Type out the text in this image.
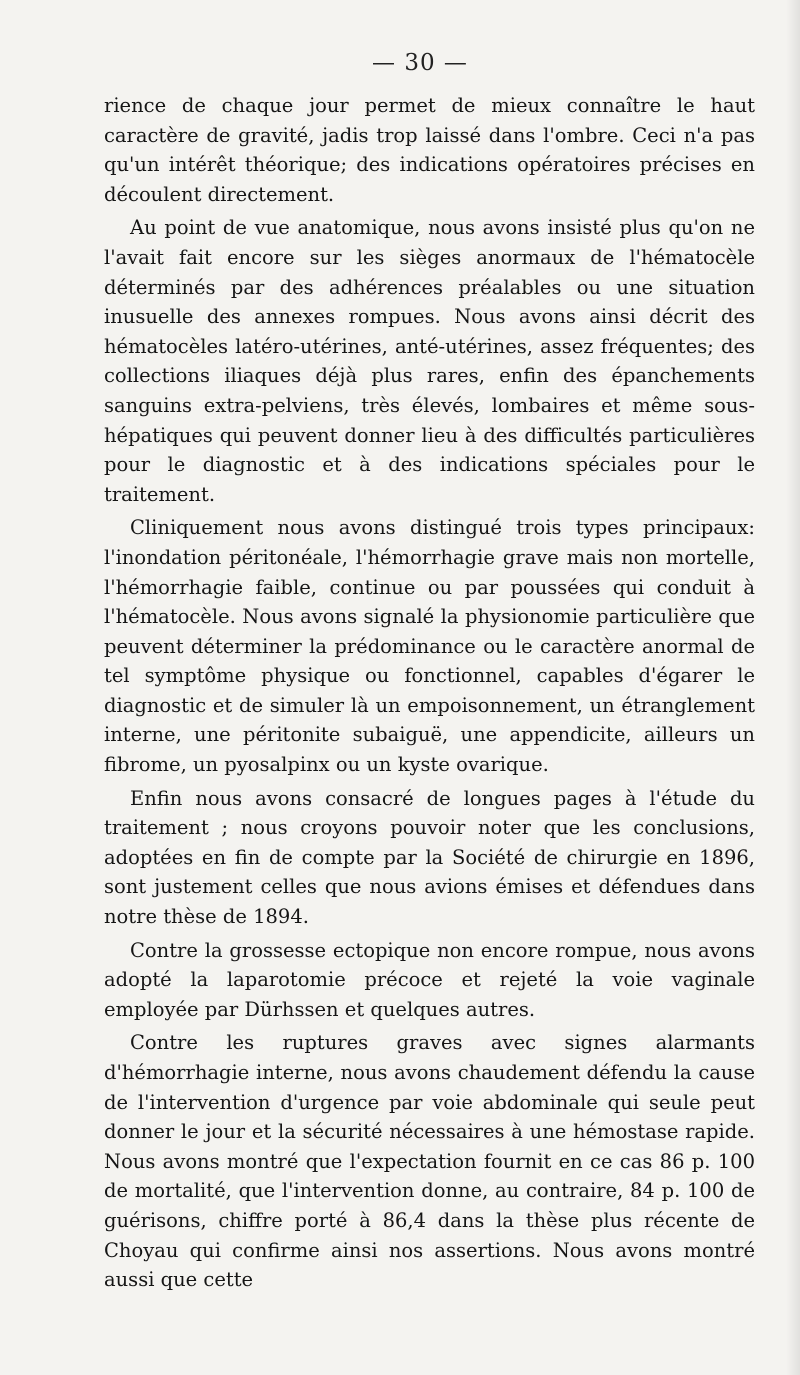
— 30 —

rience de chaque jour permet de mieux connaître le haut caractère de gravité, jadis trop laissé dans l'ombre. Ceci n'a pas qu'un intérêt théorique; des indications opératoires précises en découlent directement.

Au point de vue anatomique, nous avons insisté plus qu'on ne l'avait fait encore sur les sièges anormaux de l'hématocèle déterminés par des adhérences préalables ou une situation inusuelle des annexes rompues. Nous avons ainsi décrit des hématocèles latéro-utérines, anté-utérines, assez fréquentes; des collections iliaques déjà plus rares, enfin des épanchements sanguins extra-pelviens, très élevés, lombaires et même sous-hépatiques qui peuvent donner lieu à des difficultés particulières pour le diagnostic et à des indications spéciales pour le traitement.

Cliniquement nous avons distingué trois types principaux: l'inondation péritonéale, l'hémorrhagie grave mais non mortelle, l'hémorrhagie faible, continue ou par poussées qui conduit à l'hématocèle. Nous avons signalé la physionomie particulière que peuvent déterminer la prédominance ou le caractère anormal de tel symptôme physique ou fonctionnel, capables d'égarer le diagnostic et de simuler là un empoisonnement, un étranglement interne, une péritonite subaiguë, une appendicite, ailleurs un fibrome, un pyosalpinx ou un kyste ovarique.

Enfin nous avons consacré de longues pages à l'étude du traitement ; nous croyons pouvoir noter que les conclusions, adoptées en fin de compte par la Société de chirurgie en 1896, sont justement celles que nous avions émises et défendues dans notre thèse de 1894.

Contre la grossesse ectopique non encore rompue, nous avons adopté la laparotomie précoce et rejeté la voie vaginale employée par Dürhssen et quelques autres.

Contre les ruptures graves avec signes alarmants d'hémorrhagie interne, nous avons chaudement défendu la cause de l'intervention d'urgence par voie abdominale qui seule peut donner le jour et la sécurité nécessaires à une hémostase rapide. Nous avons montré que l'expectation fournit en ce cas 86 p. 100 de mortalité, que l'intervention donne, au contraire, 84 p. 100 de guérisons, chiffre porté à 86,4 dans la thèse plus récente de Choyau qui confirme ainsi nos assertions. Nous avons montré aussi que cette
